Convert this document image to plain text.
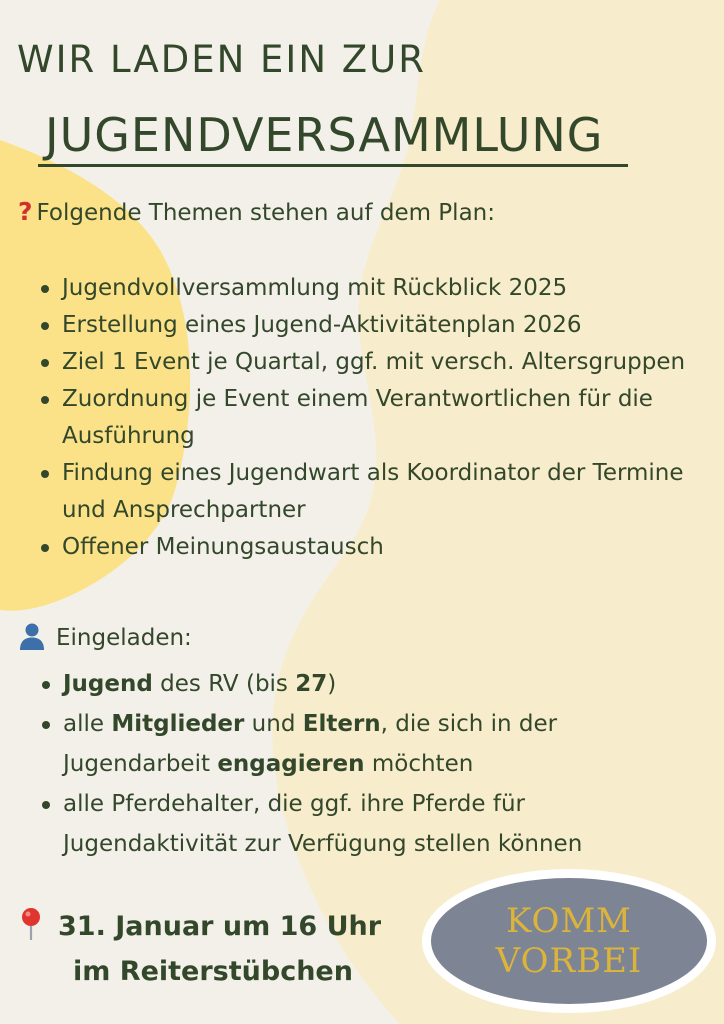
WIR LADEN EIN ZUR
JUGENDVERSAMMLUNG
? Folgende Themen stehen auf dem Plan:
Jugendvollversammlung mit Rückblick 2025
Erstellung eines Jugend-Aktivitätenplan 2026
Ziel 1 Event je Quartal, ggf. mit versch. Altersgruppen
Zuordnung je Event einem Verantwortlichen für die Ausführung
Findung eines Jugendwart als Koordinator der Termine und Ansprechpartner
Offener Meinungsaustausch
Eingeladen:
Jugend des RV (bis 27)
alle Mitglieder und Eltern, die sich in der Jugendarbeit engagieren möchten
alle Pferdehalter, die ggf. ihre Pferde für Jugendaktivität zur Verfügung stellen können
31. Januar um 16 Uhr
im Reiterstübchen
KOMM
VORBEI
